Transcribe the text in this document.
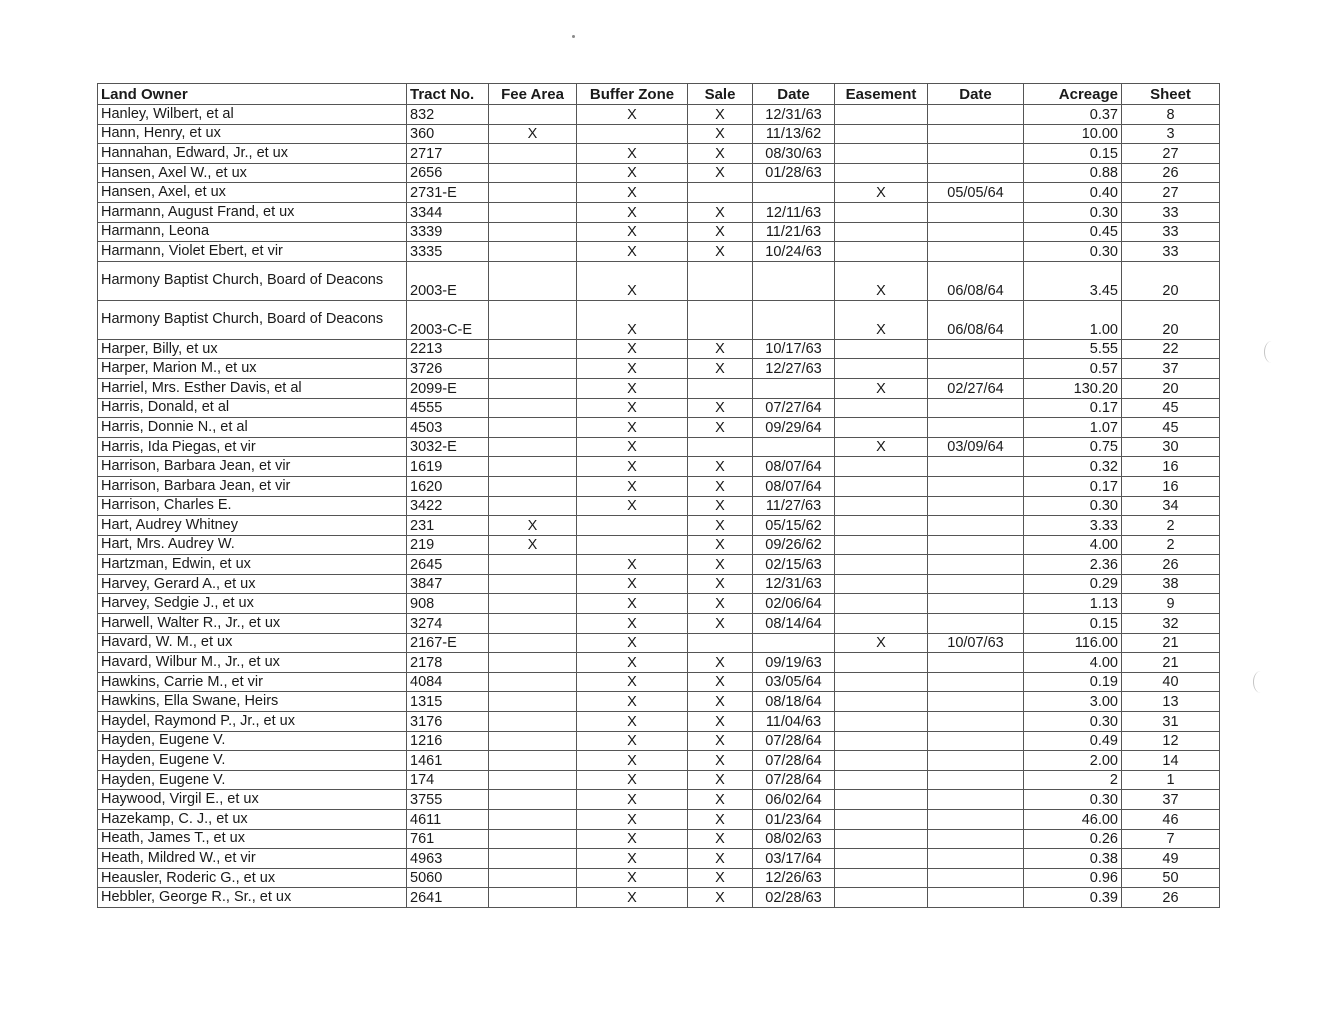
Land Owner	Tract No.	Fee Area	Buffer Zone	Sale	Date	Easement	Date	Acreage	Sheet
Hanley, Wilbert, et al	832		X	X	12/31/63			0.37	8
Hann, Henry, et ux	360	X		X	11/13/62			10.00	3
Hannahan, Edward, Jr., et ux	2717		X	X	08/30/63			0.15	27
Hansen, Axel W., et ux	2656		X	X	01/28/63			0.88	26
Hansen, Axel, et ux	2731-E		X			X	05/05/64	0.40	27
Harmann, August Frand, et ux	3344		X	X	12/11/63			0.30	33
Harmann, Leona	3339		X	X	11/21/63			0.45	33
Harmann, Violet Ebert, et vir	3335		X	X	10/24/63			0.30	33
Harmony Baptist Church, Board of Deacons	2003-E		X			X	06/08/64	3.45	20
Harmony Baptist Church, Board of Deacons	2003-C-E		X			X	06/08/64	1.00	20
Harper, Billy, et ux	2213		X	X	10/17/63			5.55	22
Harper, Marion M., et ux	3726		X	X	12/27/63			0.57	37
Harriel, Mrs. Esther Davis, et al	2099-E		X			X	02/27/64	130.20	20
Harris, Donald, et al	4555		X	X	07/27/64			0.17	45
Harris, Donnie N., et al	4503		X	X	09/29/64			1.07	45
Harris, Ida Piegas, et vir	3032-E		X			X	03/09/64	0.75	30
Harrison, Barbara Jean, et vir	1619		X	X	08/07/64			0.32	16
Harrison, Barbara Jean, et vir	1620		X	X	08/07/64			0.17	16
Harrison, Charles E.	3422		X	X	11/27/63			0.30	34
Hart, Audrey Whitney	231	X		X	05/15/62			3.33	2
Hart, Mrs. Audrey W.	219	X		X	09/26/62			4.00	2
Hartzman, Edwin, et ux	2645		X	X	02/15/63			2.36	26
Harvey, Gerard A., et ux	3847		X	X	12/31/63			0.29	38
Harvey, Sedgie J., et ux	908		X	X	02/06/64			1.13	9
Harwell, Walter R., Jr., et ux	3274		X	X	08/14/64			0.15	32
Havard, W. M., et ux	2167-E		X			X	10/07/63	116.00	21
Havard, Wilbur M., Jr., et ux	2178		X	X	09/19/63			4.00	21
Hawkins, Carrie M., et vir	4084		X	X	03/05/64			0.19	40
Hawkins, Ella Swane, Heirs	1315		X	X	08/18/64			3.00	13
Haydel, Raymond P., Jr., et ux	3176		X	X	11/04/63			0.30	31
Hayden, Eugene V.	1216		X	X	07/28/64			0.49	12
Hayden, Eugene V.	1461		X	X	07/28/64			2.00	14
Hayden, Eugene V.	174		X	X	07/28/64			2	1
Haywood, Virgil E., et ux	3755		X	X	06/02/64			0.30	37
Hazekamp, C. J., et ux	4611		X	X	01/23/64			46.00	46
Heath, James T., et ux	761		X	X	08/02/63			0.26	7
Heath, Mildred W., et vir	4963		X	X	03/17/64			0.38	49
Heausler, Roderic G., et ux	5060		X	X	12/26/63			0.96	50
Hebbler, George R., Sr., et ux	2641		X	X	02/28/63			0.39	26
